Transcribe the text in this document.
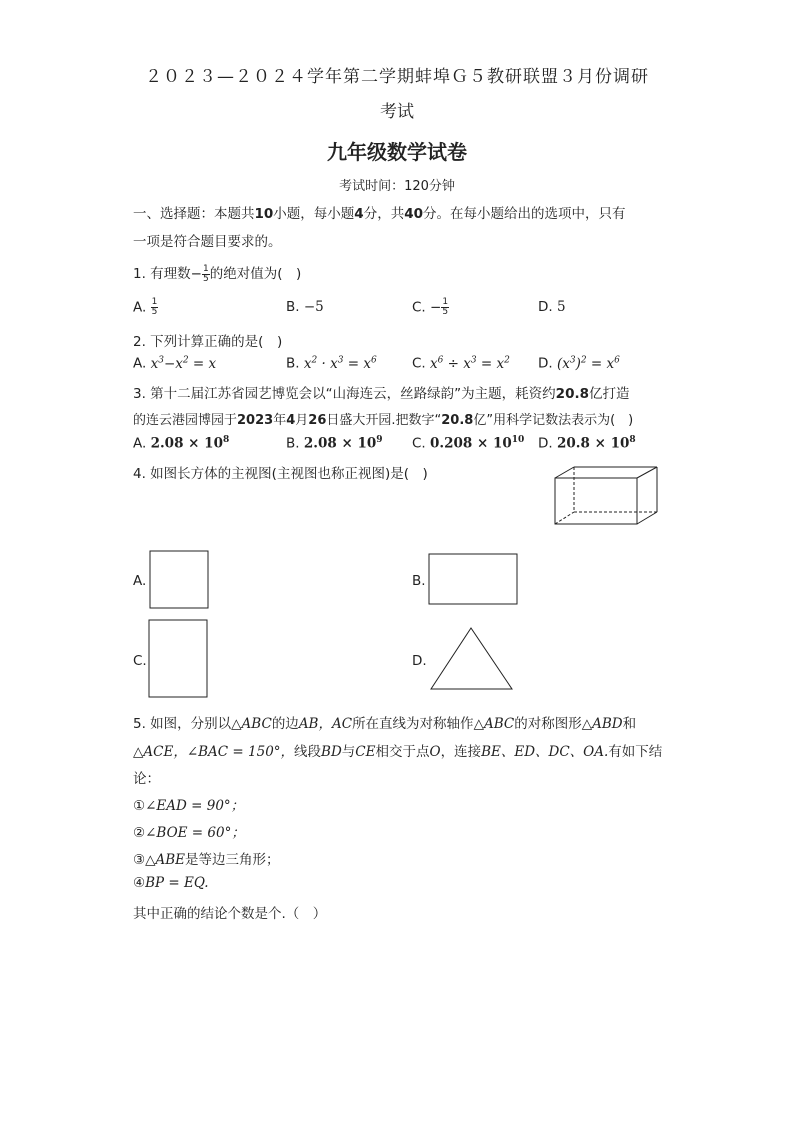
２０２３—２０２４学年第二学期蚌埠Ｇ５教研联盟３月份调研
考试
九年级数学试卷
考试时间：120分钟
一、选择题：本题共10小题，每小题4分，共40分。在每小题给出的选项中，只有
一项是符合题目要求的。
1. 有理数− $\frac{1}{5}$ 的绝对值为(　)
A. $\frac{1}{5}$	B. −5	C. − $\frac{1}{5}$	D. 5
2. 下列计算正确的是(　)
A. $x^3-x^2 = x$	B. $x^2 \cdot x^3 = x^6$	C. $x^6 \div x^3 = x^2$ D. $(x^3)^2 = x^6$
3. 第十二届江苏省园艺博览会以“山海连云，丝路绿韵”为主题，耗资约20.8亿打造
的连云港园博园于2023年4月26日盛大开园.把数字“20.8亿”用科学记数法表示为(　)
A. $2.08 \times 10^8$	B. $2.08 \times 10^9$ C. $0.208 \times 10^{10}$ D. $20.8 \times 10^8$
4. 如图长方体的主视图(主视图也称正视图)是(　)
A.	B.
C.	D.
5. 如图，分别以△ABC的边AB，AC所在直线为对称轴作△ABC的对称图形△ABD和
△ACE，∠BAC = 150°，线段BD与CE相交于点O，连接BE、ED、DC、OA.有如下结
论：
①∠EAD = 90°；
②∠BOE = 60°；
③△ABE是等边三角形；
④BP = EQ.
其中正确的结论个数是个.（　）
